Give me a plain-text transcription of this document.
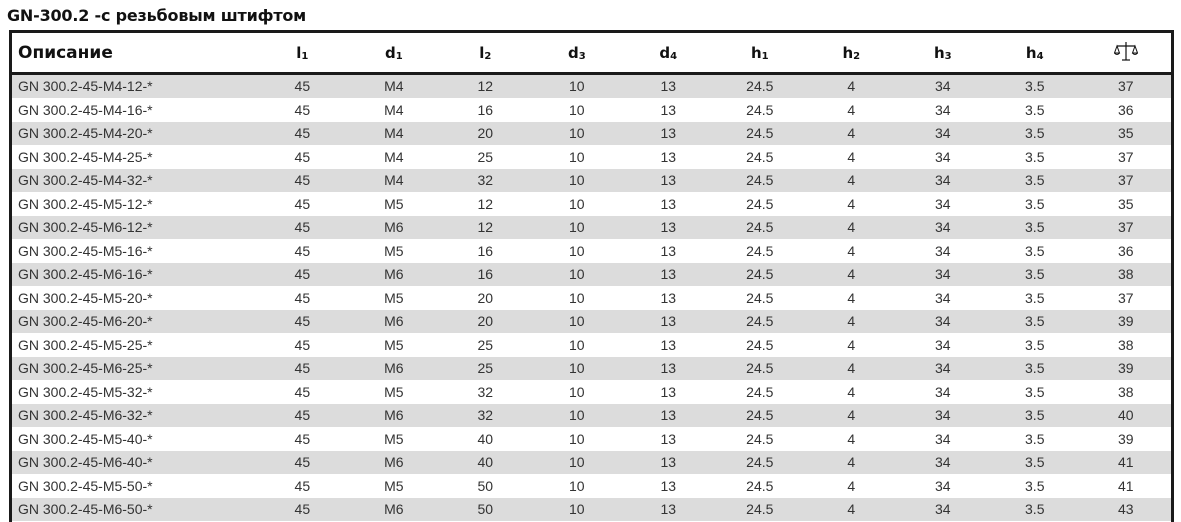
GN-300.2 -с резьбовым штифтом
Описание	$l_1$	$d_1$	$l_2$	$d_3$	$d_4$	$h_1$	$h_2$	$h_3$	$h_4$
GN 300.2-45-M4-12-*	45	M4	12	10	13	24.5	4	34	3.5	37
GN 300.2-45-M4-16-*	45	M4	16	10	13	24.5	4	34	3.5	36
GN 300.2-45-M4-20-*	45	M4	20	10	13	24.5	4	34	3.5	35
GN 300.2-45-M4-25-*	45	M4	25	10	13	24.5	4	34	3.5	37
GN 300.2-45-M4-32-*	45	M4	32	10	13	24.5	4	34	3.5	37
GN 300.2-45-M5-12-*	45	M5	12	10	13	24.5	4	34	3.5	35
GN 300.2-45-M6-12-*	45	M6	12	10	13	24.5	4	34	3.5	37
GN 300.2-45-M5-16-*	45	M5	16	10	13	24.5	4	34	3.5	36
GN 300.2-45-M6-16-*	45	M6	16	10	13	24.5	4	34	3.5	38
GN 300.2-45-M5-20-*	45	M5	20	10	13	24.5	4	34	3.5	37
GN 300.2-45-M6-20-*	45	M6	20	10	13	24.5	4	34	3.5	39
GN 300.2-45-M5-25-*	45	M5	25	10	13	24.5	4	34	3.5	38
GN 300.2-45-M6-25-*	45	M6	25	10	13	24.5	4	34	3.5	39
GN 300.2-45-M5-32-*	45	M5	32	10	13	24.5	4	34	3.5	38
GN 300.2-45-M6-32-*	45	M6	32	10	13	24.5	4	34	3.5	40
GN 300.2-45-M5-40-*	45	M5	40	10	13	24.5	4	34	3.5	39
GN 300.2-45-M6-40-*	45	M6	40	10	13	24.5	4	34	3.5	41
GN 300.2-45-M5-50-*	45	M5	50	10	13	24.5	4	34	3.5	41
GN 300.2-45-M6-50-*	45	M6	50	10	13	24.5	4	34	3.5	43
